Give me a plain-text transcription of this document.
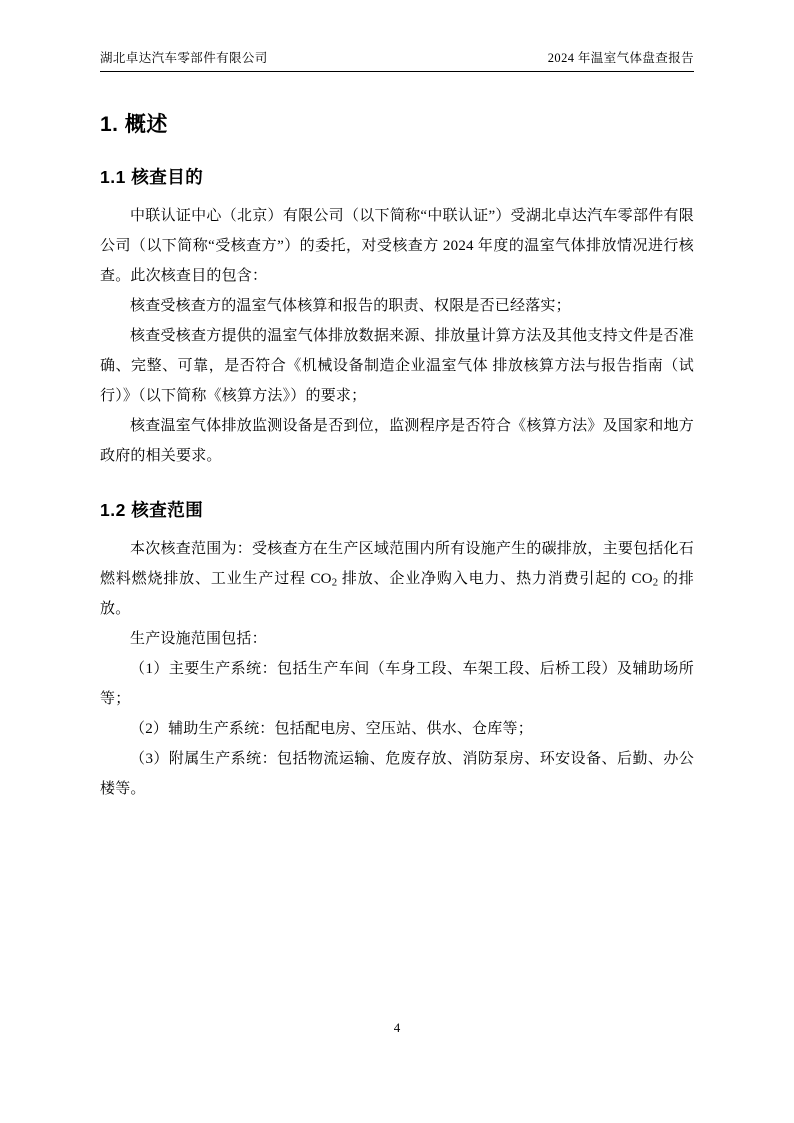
湖北卓达汽车零部件有限公司	2024 年温室气体盘查报告
1. 概述
1.1 核查目的

中联认证中心（北京）有限公司（以下简称“中联认证”）受湖北卓达汽车零部件有限公司（以下简称“受核查方”）的委托，对受核查方 2024 年度的温室气体排放情况进行核查。此次核查目的包含：

核查受核查方的温室气体核算和报告的职责、权限是否已经落实；

核查受核查方提供的温室气体排放数据来源、排放量计算方法及其他支持文件是否准确、完整、可靠，是否符合《机械设备制造企业温室气体 排放核算方法与报告指南（试行）》（以下简称《核算方法》）的要求；

核查温室气体排放监测设备是否到位，监测程序是否符合《核算方法》及国家和地方政府的相关要求。

1.2 核查范围

本次核查范围为：受核查方在生产区域范围内所有设施产生的碳排放，主要包括化石燃料燃烧排放、工业生产过程 $CO_2$ 排放、企业净购入电力、热力消费引起的 $CO_2$ 的排放。

生产设施范围包括：

（1）主要生产系统：包括生产车间（车身工段、车架工段、后桥工段）及辅助场所等；

（2）辅助生产系统：包括配电房、空压站、供水、仓库等；

（3）附属生产系统：包括物流运输、危废存放、消防泵房、环安设备、后勤、办公楼等。

4
